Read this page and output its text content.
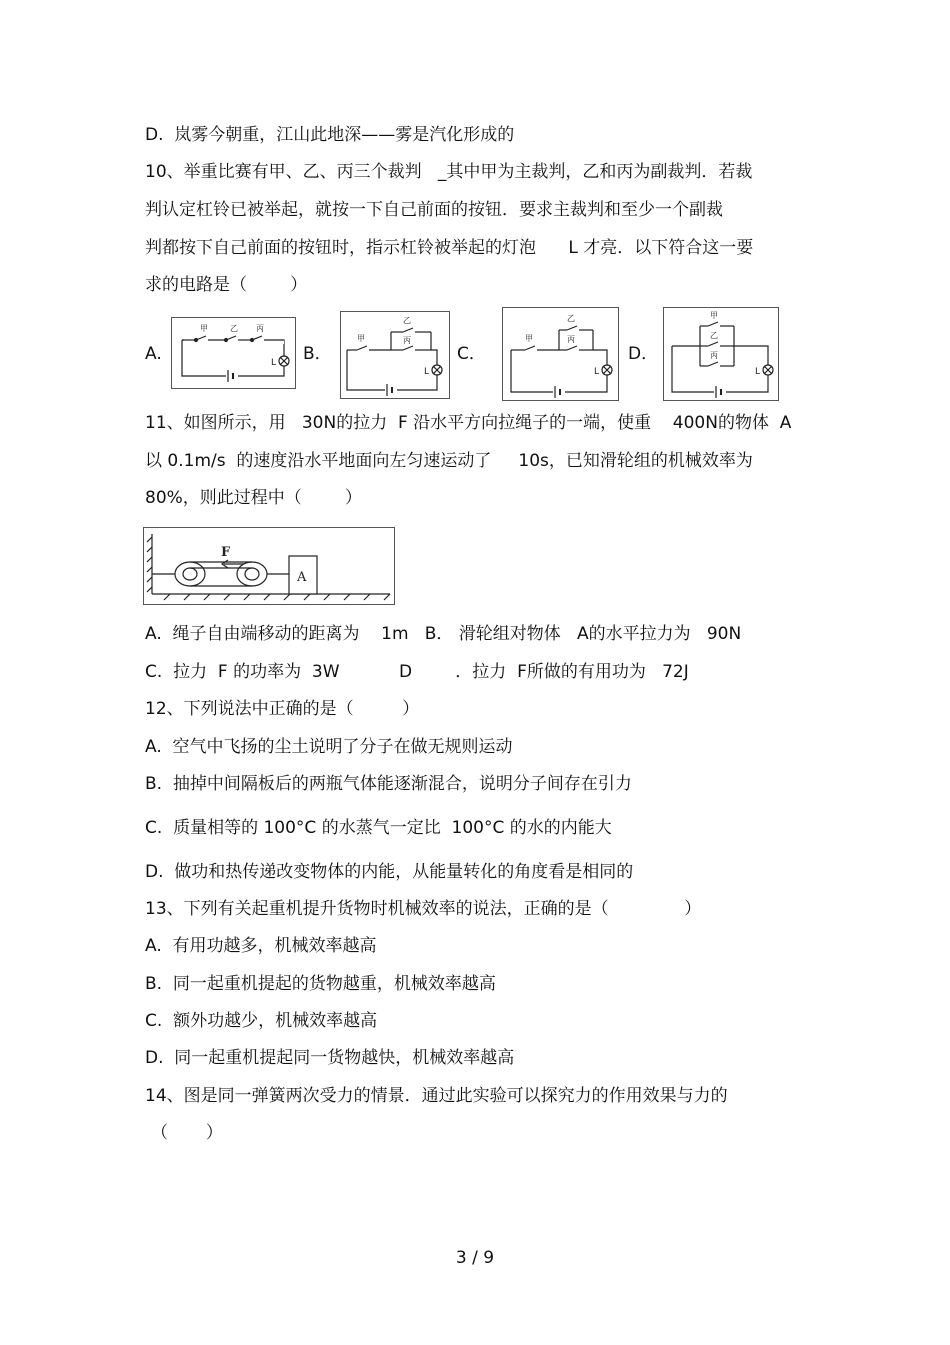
D.  岚雾今朝重，江山此地深——雾是汽化形成的
10、举重比赛有甲、乙、丙三个裁判   _其中甲为主裁判，乙和丙为副裁判．若裁
判认定杠铃已被举起，就按一下自己前面的按钮．要求主裁判和至少一个副裁
判都按下自己前面的按钮时，指示杠铃被举起的灯泡      L 才亮．以下符合这一要
求的电路是（        ）
A.
甲	乙 丙
L B．
甲
乙
丙
L
C．
甲
乙
丙
L
D．
甲
乙
丙
L
11、如图所示，用   30N的拉力  F 沿水平方向拉绳子的一端，使重    400N的物体  A
以 0.1m/s  的速度沿水平地面向左匀速运动了     10s，已知滑轮组的机械效率为
80%，则此过程中（        ）
F
A
A.  绳子自由端移动的距离为    1m   B． 滑轮组对物体   A的水平拉力为   90N
C.  拉力  F 的功率为  3W           D        ．拉力  F所做的有用功为   72J
12、下列说法中正确的是（         ）
A.  空气中飞扬的尘土说明了分子在做无规则运动
B.  抽掉中间隔板后的两瓶气体能逐渐混合，说明分子间存在引力
C.  质量相等的 100°C 的水蒸气一定比  100°C 的水的内能大
D.  做功和热传递改变物体的内能，从能量转化的角度看是相同的
13、下列有关起重机提升货物时机械效率的说法，正确的是（              ）
A.  有用功越多，机械效率越高
B.  同一起重机提起的货物越重，机械效率越高
C.  额外功越少，机械效率越高
D.  同一起重机提起同一货物越快，机械效率越高
14、图是同一弹簧两次受力的情景．通过此实验可以探究力的作用效果与力的
（       ）
3 / 9
